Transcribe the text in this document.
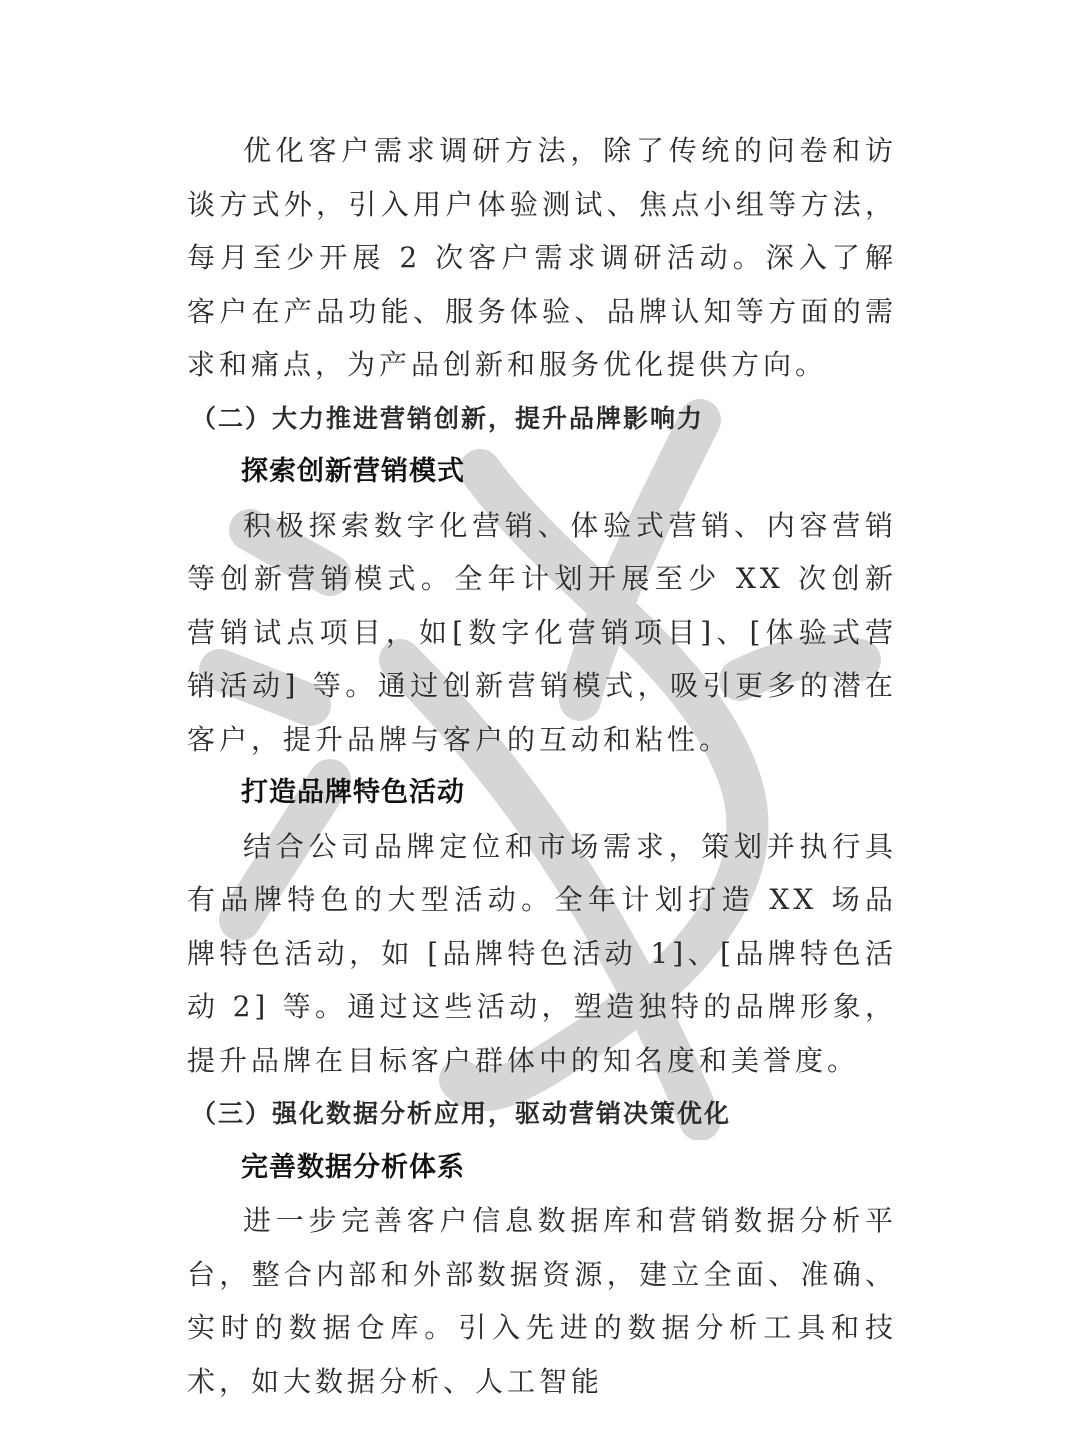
优化客户需求调研方法，除了传统的问卷和访谈方式外，引入用户体验测试、焦点小组等方法，每月至少开展 2 次客户需求调研活动。深入了解客户在产品功能、服务体验、品牌认知等方面的需求和痛点，为产品创新和服务优化提供方向。

（二）大力推进营销创新，提升品牌影响力

探索创新营销模式

积极探索数字化营销、体验式营销、内容营销等创新营销模式。全年计划开展至少 XX 次创新营销试点项目，如[数字化营销项目]、[体验式营销活动] 等。通过创新营销模式，吸引更多的潜在客户，提升品牌与客户的互动和粘性。

打造品牌特色活动

结合公司品牌定位和市场需求，策划并执行具有品牌特色的大型活动。全年计划打造 XX 场品牌特色活动，如 [品牌特色活动 1]、[品牌特色活动 2] 等。通过这些活动，塑造独特的品牌形象，提升品牌在目标客户群体中的知名度和美誉度。

（三）强化数据分析应用，驱动营销决策优化

完善数据分析体系

进一步完善客户信息数据库和营销数据分析平台，整合内部和外部数据资源，建立全面、准确、实时的数据仓库。引入先进的数据分析工具和技术，如大数据分析、人工智能
